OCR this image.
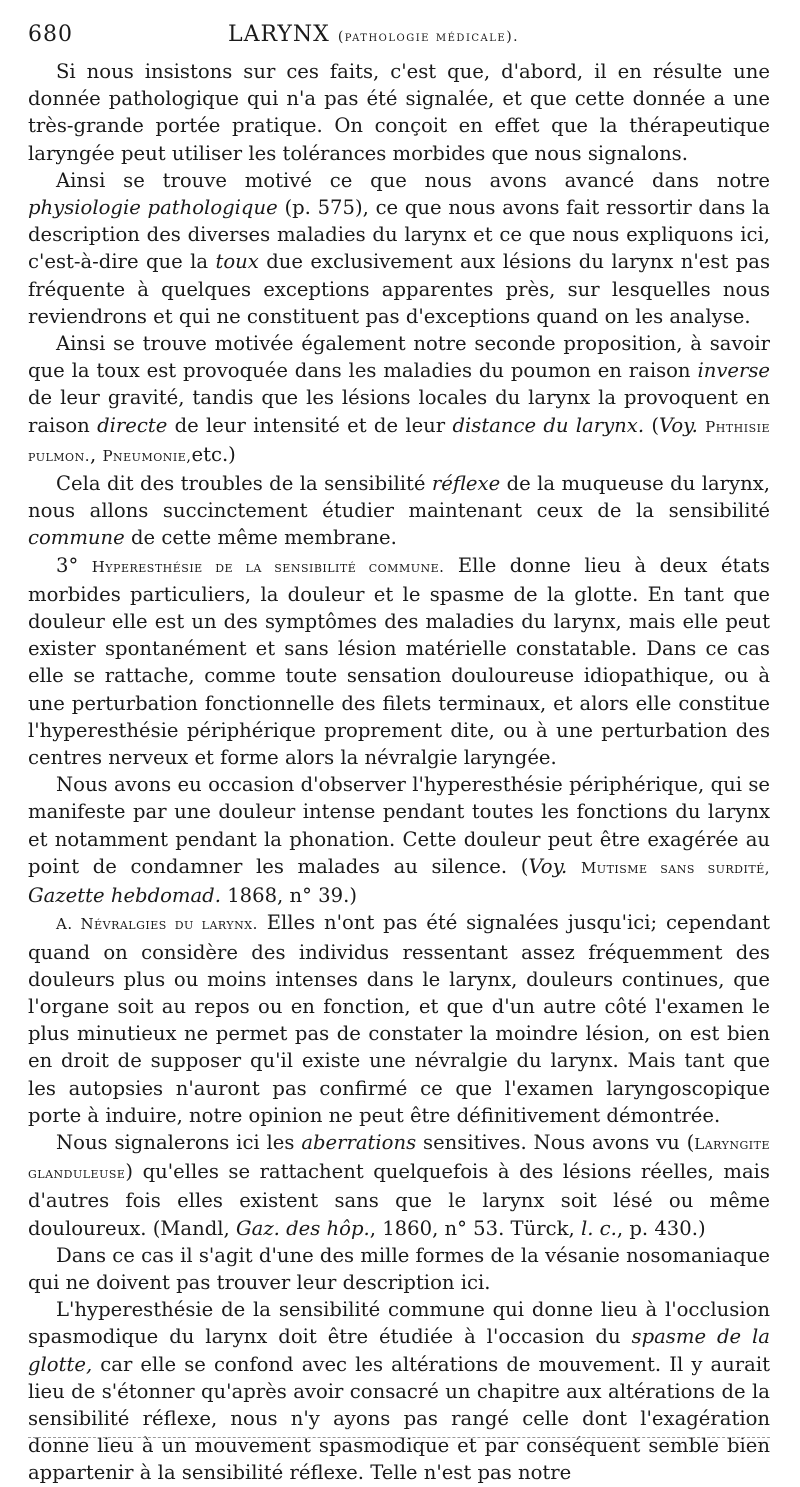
680	LARYNX (pathologie médicale).

Si nous insistons sur ces faits, c'est que, d'abord, il en résulte une donnée pathologique qui n'a pas été signalée, et que cette donnée a une très-grande portée pratique. On conçoit en effet que la thérapeutique laryngée peut utiliser les tolérances morbides que nous signalons.

Ainsi se trouve motivé ce que nous avons avancé dans notre physiologie pathologique (p. 575), ce que nous avons fait ressortir dans la description des diverses maladies du larynx et ce que nous expliquons ici, c'est-à-dire que la toux due exclusivement aux lésions du larynx n'est pas fréquente à quelques exceptions apparentes près, sur lesquelles nous reviendrons et qui ne constituent pas d'exceptions quand on les analyse.

Ainsi se trouve motivée également notre seconde proposition, à savoir que la toux est provoquée dans les maladies du poumon en raison inverse de leur gravité, tandis que les lésions locales du larynx la provoquent en raison directe de leur intensité et de leur distance du larynx. (Voy. Phthisie pulmon., Pneumonie,etc.)

Cela dit des troubles de la sensibilité réflexe de la muqueuse du larynx, nous allons succinctement étudier maintenant ceux de la sensibilité commune de cette même membrane.

3° Hyperesthésie de la sensibilité commune. Elle donne lieu à deux états morbides particuliers, la douleur et le spasme de la glotte. En tant que douleur elle est un des symptômes des maladies du larynx, mais elle peut exister spontanément et sans lésion matérielle constatable. Dans ce cas elle se rattache, comme toute sensation douloureuse idiopathique, ou à une perturbation fonctionnelle des filets terminaux, et alors elle constitue l'hyperesthésie périphérique proprement dite, ou à une perturbation des centres nerveux et forme alors la névralgie laryngée.

Nous avons eu occasion d'observer l'hyperesthésie périphérique, qui se manifeste par une douleur intense pendant toutes les fonctions du larynx et notamment pendant la phonation. Cette douleur peut être exagérée au point de condamner les malades au silence. (Voy. Mutisme sans surdité, Gazette hebdomad. 1868, n° 39.)

A. Névralgies du larynx. Elles n'ont pas été signalées jusqu'ici; cependant quand on considère des individus ressentant assez fréquemment des douleurs plus ou moins intenses dans le larynx, douleurs continues, que l'organe soit au repos ou en fonction, et que d'un autre côté l'examen le plus minutieux ne permet pas de constater la moindre lésion, on est bien en droit de supposer qu'il existe une névralgie du larynx. Mais tant que les autopsies n'auront pas confirmé ce que l'examen laryngoscopique porte à induire, notre opinion ne peut être définitivement démontrée.

Nous signalerons ici les aberrations sensitives. Nous avons vu (Laryngite glanduleuse) qu'elles se rattachent quelquefois à des lésions réelles, mais d'autres fois elles existent sans que le larynx soit lésé ou même douloureux. (Mandl, Gaz. des hôp., 1860, n° 53. Türck, l. c., p. 430.)

Dans ce cas il s'agit d'une des mille formes de la vésanie nosomaniaque qui ne doivent pas trouver leur description ici.

L'hyperesthésie de la sensibilité commune qui donne lieu à l'occlusion spasmodique du larynx doit être étudiée à l'occasion du spasme de la glotte, car elle se confond avec les altérations de mouvement. Il y aurait lieu de s'étonner qu'après avoir consacré un chapitre aux altérations de la sensibilité réflexe, nous n'y ayons pas rangé celle dont l'exagération donne lieu à un mouvement spasmodique et par conséquent semble bien appartenir à la sensibilité réflexe. Telle n'est pas notre
